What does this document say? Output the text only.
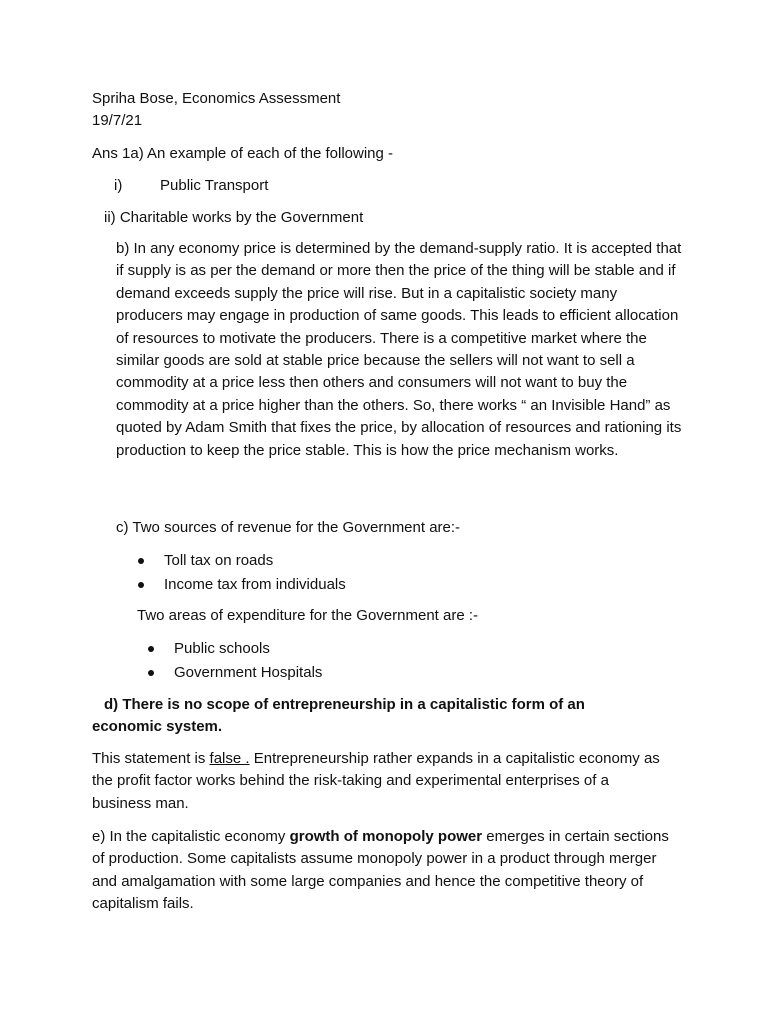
Spriha Bose, Economics Assessment
19/7/21
Ans 1a) An example of each of the following -
i)	Public Transport
ii) Charitable works by the Government
b) In any economy price is determined by the demand-supply ratio. It is accepted that if supply is as per the demand or more then the price of the thing will be stable and if demand exceeds supply the price will rise. But in a capitalistic society many producers may engage in production of same goods. This leads to efficient allocation of resources to motivate the producers. There is a competitive market where the similar goods are sold at stable price because the sellers will not want to sell a commodity at a price less then others and consumers will not want to buy the commodity at a price higher than the others. So, there works “ an Invisible Hand” as quoted by Adam Smith that fixes the price, by allocation of resources and rationing its production to keep the price stable. This is how the price mechanism works.
c) Two sources of revenue for the Government are:-
Toll tax on roads
Income tax from individuals
Two areas of expenditure for the Government are :-
Public schools
Government Hospitals
d) There is no scope of entrepreneurship in a capitalistic form of an economic system.
This statement is false . Entrepreneurship rather expands in a capitalistic economy as the profit factor works behind the risk-taking and experimental enterprises of a business man.
e) In the capitalistic economy growth of monopoly power emerges in certain sections of production. Some capitalists assume monopoly power in a product through merger and amalgamation with some large companies and hence the competitive theory of capitalism fails.
